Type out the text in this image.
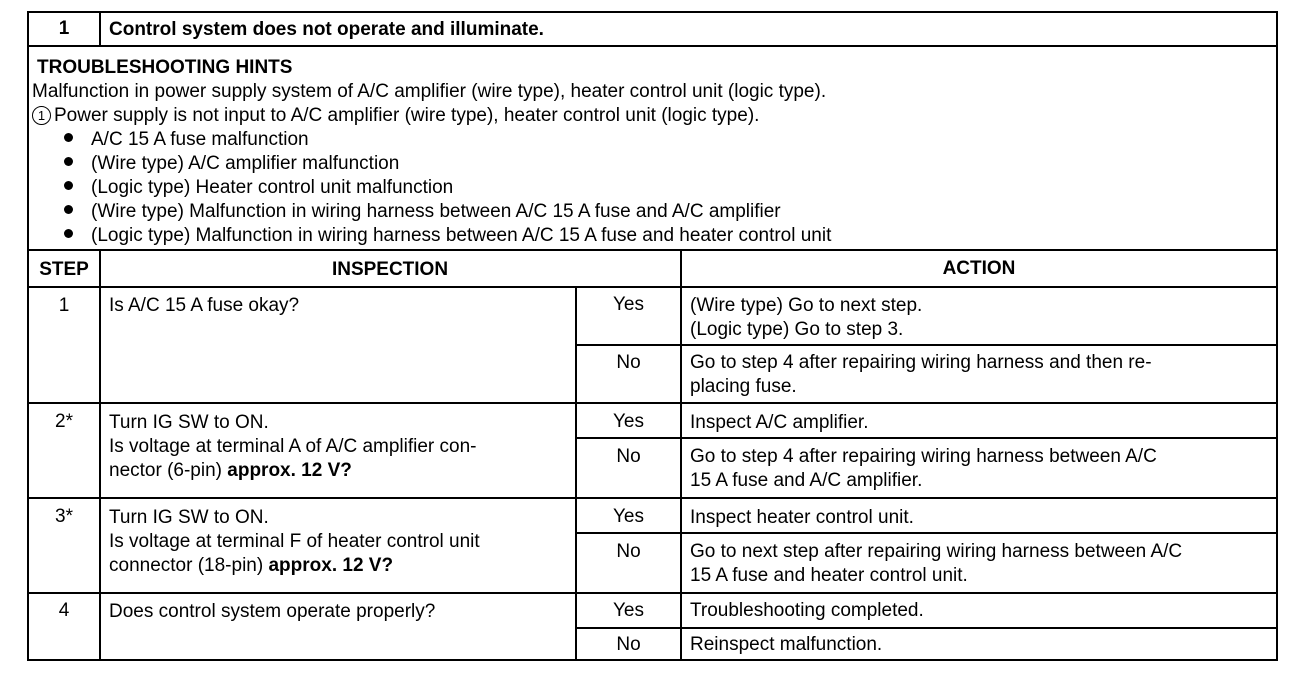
1	Control system does not operate and illuminate.
TROUBLESHOOTING HINTS
Malfunction in power supply system of A/C amplifier (wire type), heater control unit (logic type).
1 Power supply is not input to A/C amplifier (wire type), heater control unit (logic type).
A/C 15 A fuse malfunction
(Wire type) A/C amplifier malfunction
(Logic type) Heater control unit malfunction
(Wire type) Malfunction in wiring harness between A/C 15 A fuse and A/C amplifier
(Logic type) Malfunction in wiring harness between A/C 15 A fuse and heater control unit
STEP	INSPECTION	ACTION
1	Is A/C 15 A fuse okay?	Yes	(Wire type) Go to next step.
(Logic type) Go to step 3.
No	Go to step 4 after repairing wiring harness and then re-
placing fuse.
2*	Turn IG SW to ON.
Is voltage at terminal A of A/C amplifier con-
nector (6-pin) approx. 12 V?
Yes	Inspect A/C amplifier.
No	Go to step 4 after repairing wiring harness between A/C
15 A fuse and A/C amplifier.
3*	Turn IG SW to ON.
Is voltage at terminal F of heater control unit
connector (18-pin) approx. 12 V?
Yes	Inspect heater control unit.
No	Go to next step after repairing wiring harness between A/C
15 A fuse and heater control unit.
4	Does control system operate properly?	Yes	Troubleshooting completed.
No	Reinspect malfunction.
